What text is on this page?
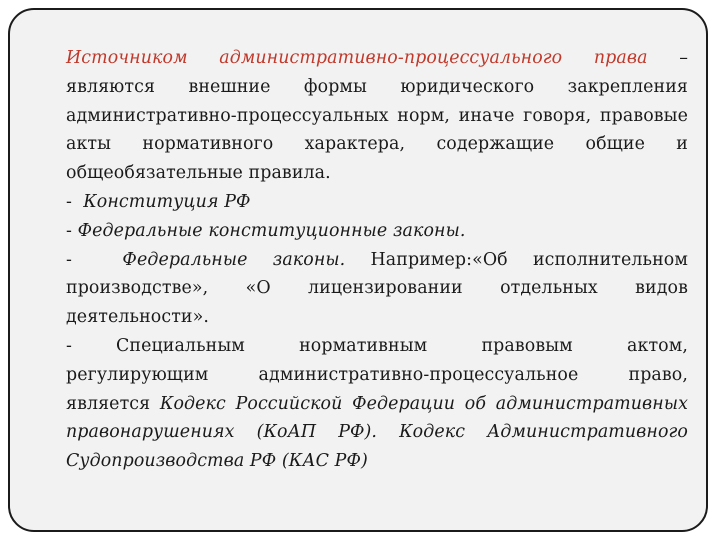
Источником административно-процессуального права – являются внешние формы юридического закрепления административно-процессуальных норм, иначе говоря, правовые акты нормативного характера, содержащие общие и общеобязательные правила.

-  Конституция РФ

- Федеральные конституционные законы.

-  Федеральные законы. Например:«Об исполнительном производстве», «О лицензировании отдельных видов деятельности».

-	Специальным нормативным правовым актом, регулирующим административно-процессуальное право, является Кодекс Российской Федерации об административных правонарушениях (КоАП РФ). Кодекс Административного Судопроизводства РФ (КАС РФ)
